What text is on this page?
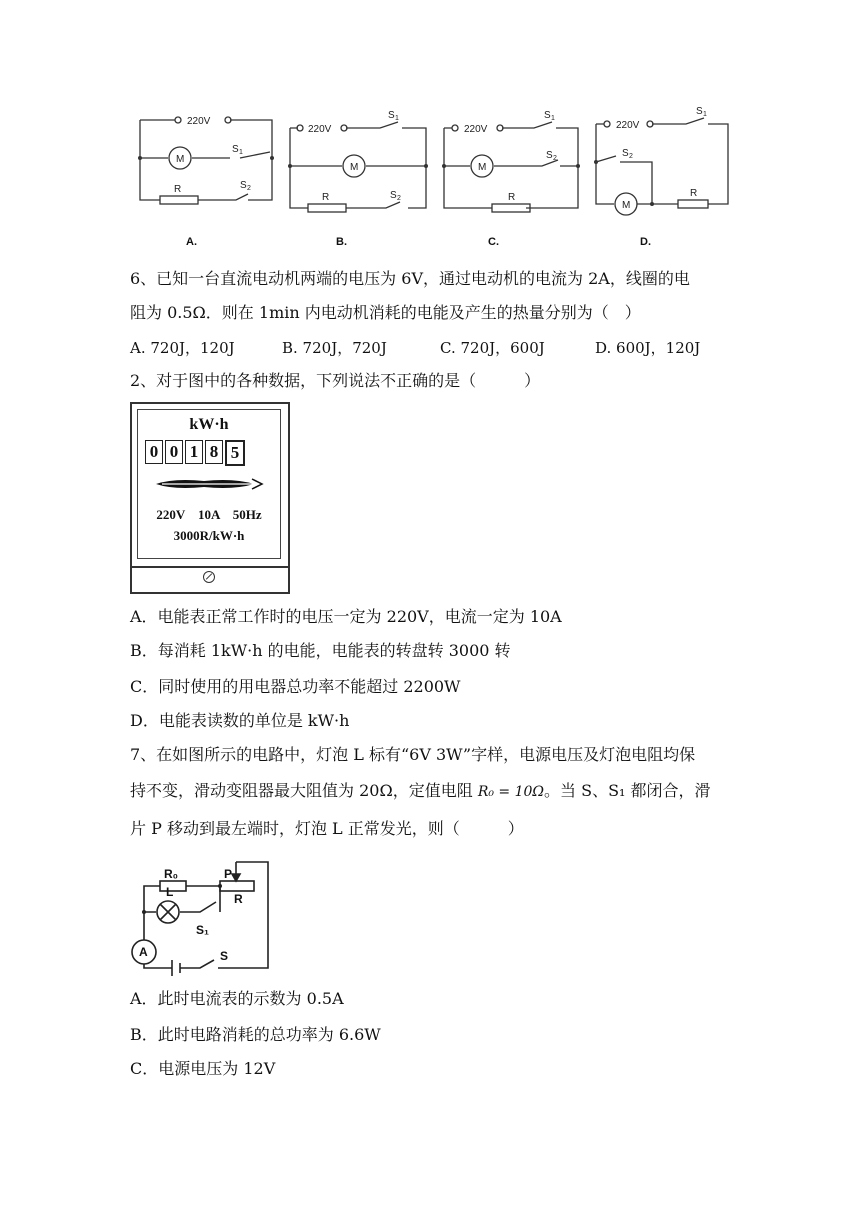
220V
M
R
S 1
S 2
220V
M
R
S 1
S 2
220V
M
R
S 1
S 2
220V
M
R
S 1
S 2
A.	B.	C.	D.
6、已知一台直流电动机两端的电压为 6V，通过电动机的电流为 2A，线圈的电
阻为 0.5Ω．则在 1min 内电动机消耗的电能及产生的热量分别为（　）
A. 720J，120J	B. 720J，720J	C. 720J，600J	D. 600J，120J
2、对于图中的各种数据，下列说法不正确的是（　　　）
kW·h
0 0 1 8 5
220V　10A　50Hz
3000R/kW·h
A．电能表正常工作时的电压一定为 220V，电流一定为 10A
B．每消耗 1kW·h 的电能，电能表的转盘转 3000 转
C．同时使用的用电器总功率不能超过 2200W
D．电能表读数的单位是 kW·h
7、在如图所示的电路中，灯泡 L 标有“6V 3W”字样，电源电压及灯泡电阻均保
持不变，滑动变阻器最大阻值为 20Ω，定值电阻 R₀ = 10Ω。当 S、S₁ 都闭合，滑
片 P 移动到最左端时，灯泡 L 正常发光，则（　　　）
R₀	P
R
L
A
S₁
S
A．此时电流表的示数为 0.5A
B．此时电路消耗的总功率为 6.6W
C．电源电压为 12V
